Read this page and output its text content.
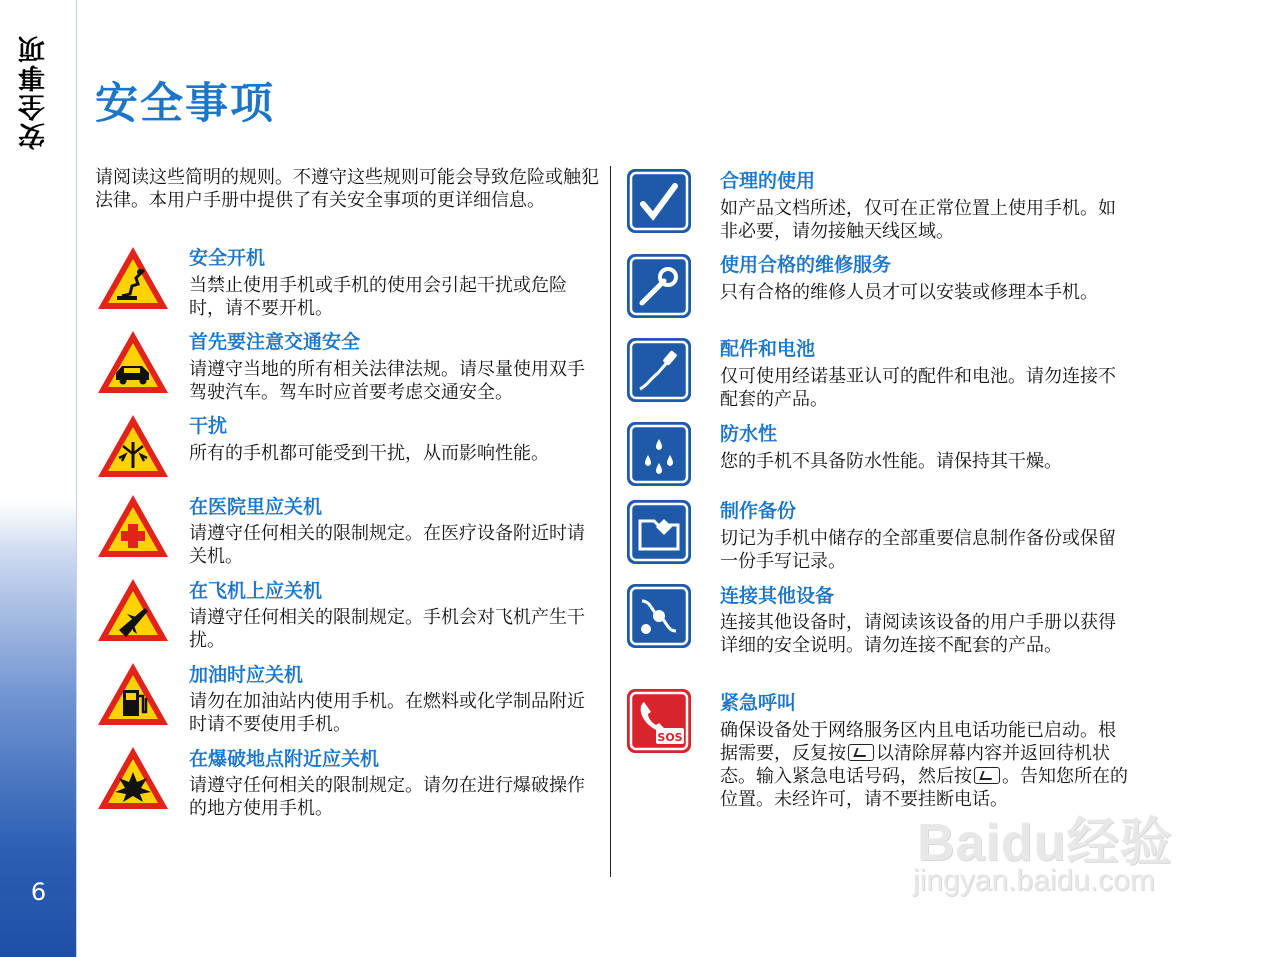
安全事项
6
安全事项
请阅读这些简明的规则。不遵守这些规则可能会导致危险或触犯法律。本用户手册中提供了有关安全事项的更详细信息。
安全开机
当禁止使用手机或手机的使用会引起干扰或危险时，请不要开机。
首先要注意交通安全
请遵守当地的所有相关法律法规。请尽量使用双手驾驶汽车。驾车时应首要考虑交通安全。
干扰
所有的手机都可能受到干扰，从而影响性能。
在医院里应关机
请遵守任何相关的限制规定。在医疗设备附近时请关机。
在飞机上应关机
请遵守任何相关的限制规定。手机会对飞机产生干扰。
加油时应关机
请勿在加油站内使用手机。在燃料或化学制品附近时请不要使用手机。
在爆破地点附近应关机
请遵守任何相关的限制规定。请勿在进行爆破操作的地方使用手机。
合理的使用
如产品文档所述，仅可在正常位置上使用手机。如非必要，请勿接触天线区域。
使用合格的维修服务
只有合格的维修人员才可以安装或修理本手机。
配件和电池
仅可使用经诺基亚认可的配件和电池。请勿连接不配套的产品。
防水性
您的手机不具备防水性能。请保持其干燥。
制作备份
切记为手机中储存的全部重要信息制作备份或保留一份手写记录。
连接其他设备
连接其他设备时，请阅读该设备的用户手册以获得详细的安全说明。请勿连接不配套的产品。
SOS
紧急呼叫
确保设备处于网络服务区内且电话功能已启动。根据需要，反复按 以清除屏幕内容并返回待机状态。输入紧急电话号码，然后按 。告知您所在的位置。未经许可，请不要挂断电话。
Baidu经验
jingyan.baidu.com
